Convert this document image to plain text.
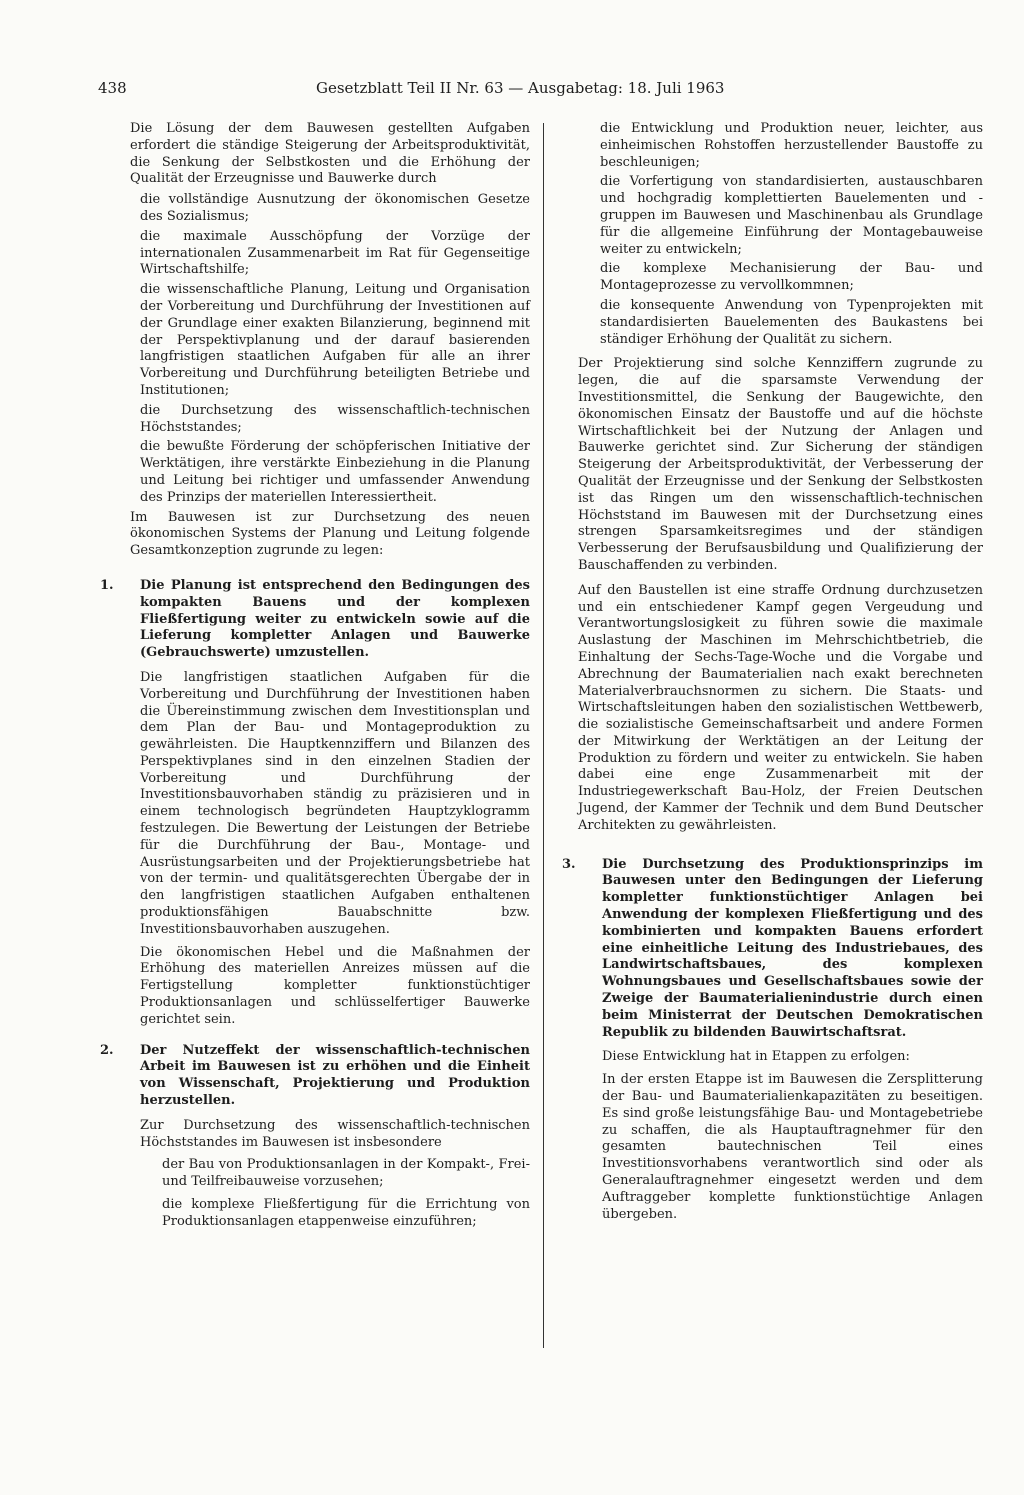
438	Gesetzblatt Teil II Nr. 63 — Ausgabetag: 18. Juli 1963

Die Lösung der dem Bauwesen gestellten Aufgaben erfordert die ständige Steigerung der Arbeitsproduktivität, die Senkung der Selbstkosten und die Erhöhung der Qualität der Erzeugnisse und Bauwerke durch

die vollständige Ausnutzung der ökonomischen Gesetze des Sozialismus;

die maximale Ausschöpfung der Vorzüge der internationalen Zusammenarbeit im Rat für Gegenseitige Wirtschaftshilfe;

die wissenschaftliche Planung, Leitung und Organisation der Vorbereitung und Durchführung der Investitionen auf der Grundlage einer exakten Bilanzierung, beginnend mit der Perspektivplanung und der darauf basierenden langfristigen staatlichen Aufgaben für alle an ihrer Vorbereitung und Durchführung beteiligten Betriebe und Institutionen;

die Durchsetzung des wissenschaftlich-technischen Höchststandes;

die bewußte Förderung der schöpferischen Initiative der Werktätigen, ihre verstärkte Einbeziehung in die Planung und Leitung bei richtiger und umfassender Anwendung des Prinzips der materiellen Interessiertheit.

Im Bauwesen ist zur Durchsetzung des neuen ökonomischen Systems der Planung und Leitung folgende Gesamtkonzeption zugrunde zu legen:

1. Die Planung ist entsprechend den Bedingungen des kompakten Bauens und der komplexen Fließfertigung weiter zu entwickeln sowie auf die Lieferung kompletter Anlagen und Bauwerke (Gebrauchswerte) umzustellen.

Die langfristigen staatlichen Aufgaben für die Vorbereitung und Durchführung der Investitionen haben die Übereinstimmung zwischen dem Investitionsplan und dem Plan der Bau- und Montageproduktion zu gewährleisten. Die Hauptkennziffern und Bilanzen des Perspektivplanes sind in den einzelnen Stadien der Vorbereitung und Durchführung der Investitionsbauvorhaben ständig zu präzisieren und in einem technologisch begründeten Hauptzyklogramm festzulegen. Die Bewertung der Leistungen der Betriebe für die Durchführung der Bau-, Montage- und Ausrüstungsarbeiten und der Projektierungsbetriebe hat von der termin- und qualitätsgerechten Übergabe der in den langfristigen staatlichen Aufgaben enthaltenen produktionsfähigen Bauabschnitte bzw. Investitionsbauvorhaben auszugehen.

Die ökonomischen Hebel und die Maßnahmen der Erhöhung des materiellen Anreizes müssen auf die Fertigstellung kompletter funktionstüchtiger Produktionsanlagen und schlüsselfertiger Bauwerke gerichtet sein.

2. Der Nutzeffekt der wissenschaftlich-technischen Arbeit im Bauwesen ist zu erhöhen und die Einheit von Wissenschaft, Projektierung und Produktion herzustellen.

Zur Durchsetzung des wissenschaftlich-technischen Höchststandes im Bauwesen ist insbesondere

der Bau von Produktionsanlagen in der Kompakt-, Frei- und Teilfreibauweise vorzusehen;

die komplexe Fließfertigung für die Errichtung von Produktionsanlagen etappenweise einzuführen;

die Entwicklung und Produktion neuer, leichter, aus einheimischen Rohstoffen herzustellender Baustoffe zu beschleunigen;

die Vorfertigung von standardisierten, austauschbaren und hochgradig komplettierten Bauelementen und -gruppen im Bauwesen und Maschinenbau als Grundlage für die allgemeine Einführung der Montagebauweise weiter zu entwickeln;

die komplexe Mechanisierung der Bau- und Montageprozesse zu vervollkommnen;

die konsequente Anwendung von Typenprojekten mit standardisierten Bauelementen des Baukastens bei ständiger Erhöhung der Qualität zu sichern.

Der Projektierung sind solche Kennziffern zugrunde zu legen, die auf die sparsamste Verwendung der Investitionsmittel, die Senkung der Baugewichte, den ökonomischen Einsatz der Baustoffe und auf die höchste Wirtschaftlichkeit bei der Nutzung der Anlagen und Bauwerke gerichtet sind. Zur Sicherung der ständigen Steigerung der Arbeitsproduktivität, der Verbesserung der Qualität der Erzeugnisse und der Senkung der Selbstkosten ist das Ringen um den wissenschaftlich-technischen Höchststand im Bauwesen mit der Durchsetzung eines strengen Sparsamkeitsregimes und der ständigen Verbesserung der Berufsausbildung und Qualifizierung der Bauschaffenden zu verbinden.

Auf den Baustellen ist eine straffe Ordnung durchzusetzen und ein entschiedener Kampf gegen Vergeudung und Verantwortungslosigkeit zu führen sowie die maximale Auslastung der Maschinen im Mehrschichtbetrieb, die Einhaltung der Sechs-Tage-Woche und die Vorgabe und Abrechnung der Baumaterialien nach exakt berechneten Materialverbrauchsnormen zu sichern. Die Staats- und Wirtschaftsleitungen haben den sozialistischen Wettbewerb, die sozialistische Gemeinschaftsarbeit und andere Formen der Mitwirkung der Werktätigen an der Leitung der Produktion zu fördern und weiter zu entwickeln. Sie haben dabei eine enge Zusammenarbeit mit der Industriegewerkschaft Bau-Holz, der Freien Deutschen Jugend, der Kammer der Technik und dem Bund Deutscher Architekten zu gewährleisten.

3. Die Durchsetzung des Produktionsprinzips im Bauwesen unter den Bedingungen der Lieferung kompletter funktionstüchtiger Anlagen bei Anwendung der komplexen Fließfertigung und des kombinierten und kompakten Bauens erfordert eine einheitliche Leitung des Industriebaues, des Landwirtschaftsbaues, des komplexen Wohnungsbaues und Gesellschaftsbaues sowie der Zweige der Baumaterialienindustrie durch einen beim Ministerrat der Deutschen Demokratischen Republik zu bildenden Bauwirtschaftsrat.

Diese Entwicklung hat in Etappen zu erfolgen:

In der ersten Etappe ist im Bauwesen die Zersplitterung der Bau- und Baumaterialienkapazitäten zu beseitigen. Es sind große leistungsfähige Bau- und Montagebetriebe zu schaffen, die als Hauptauftragnehmer für den gesamten bautechnischen Teil eines Investitionsvorhabens verantwortlich sind oder als Generalauftragnehmer eingesetzt werden und dem Auftraggeber komplette funktionstüchtige Anlagen übergeben.
